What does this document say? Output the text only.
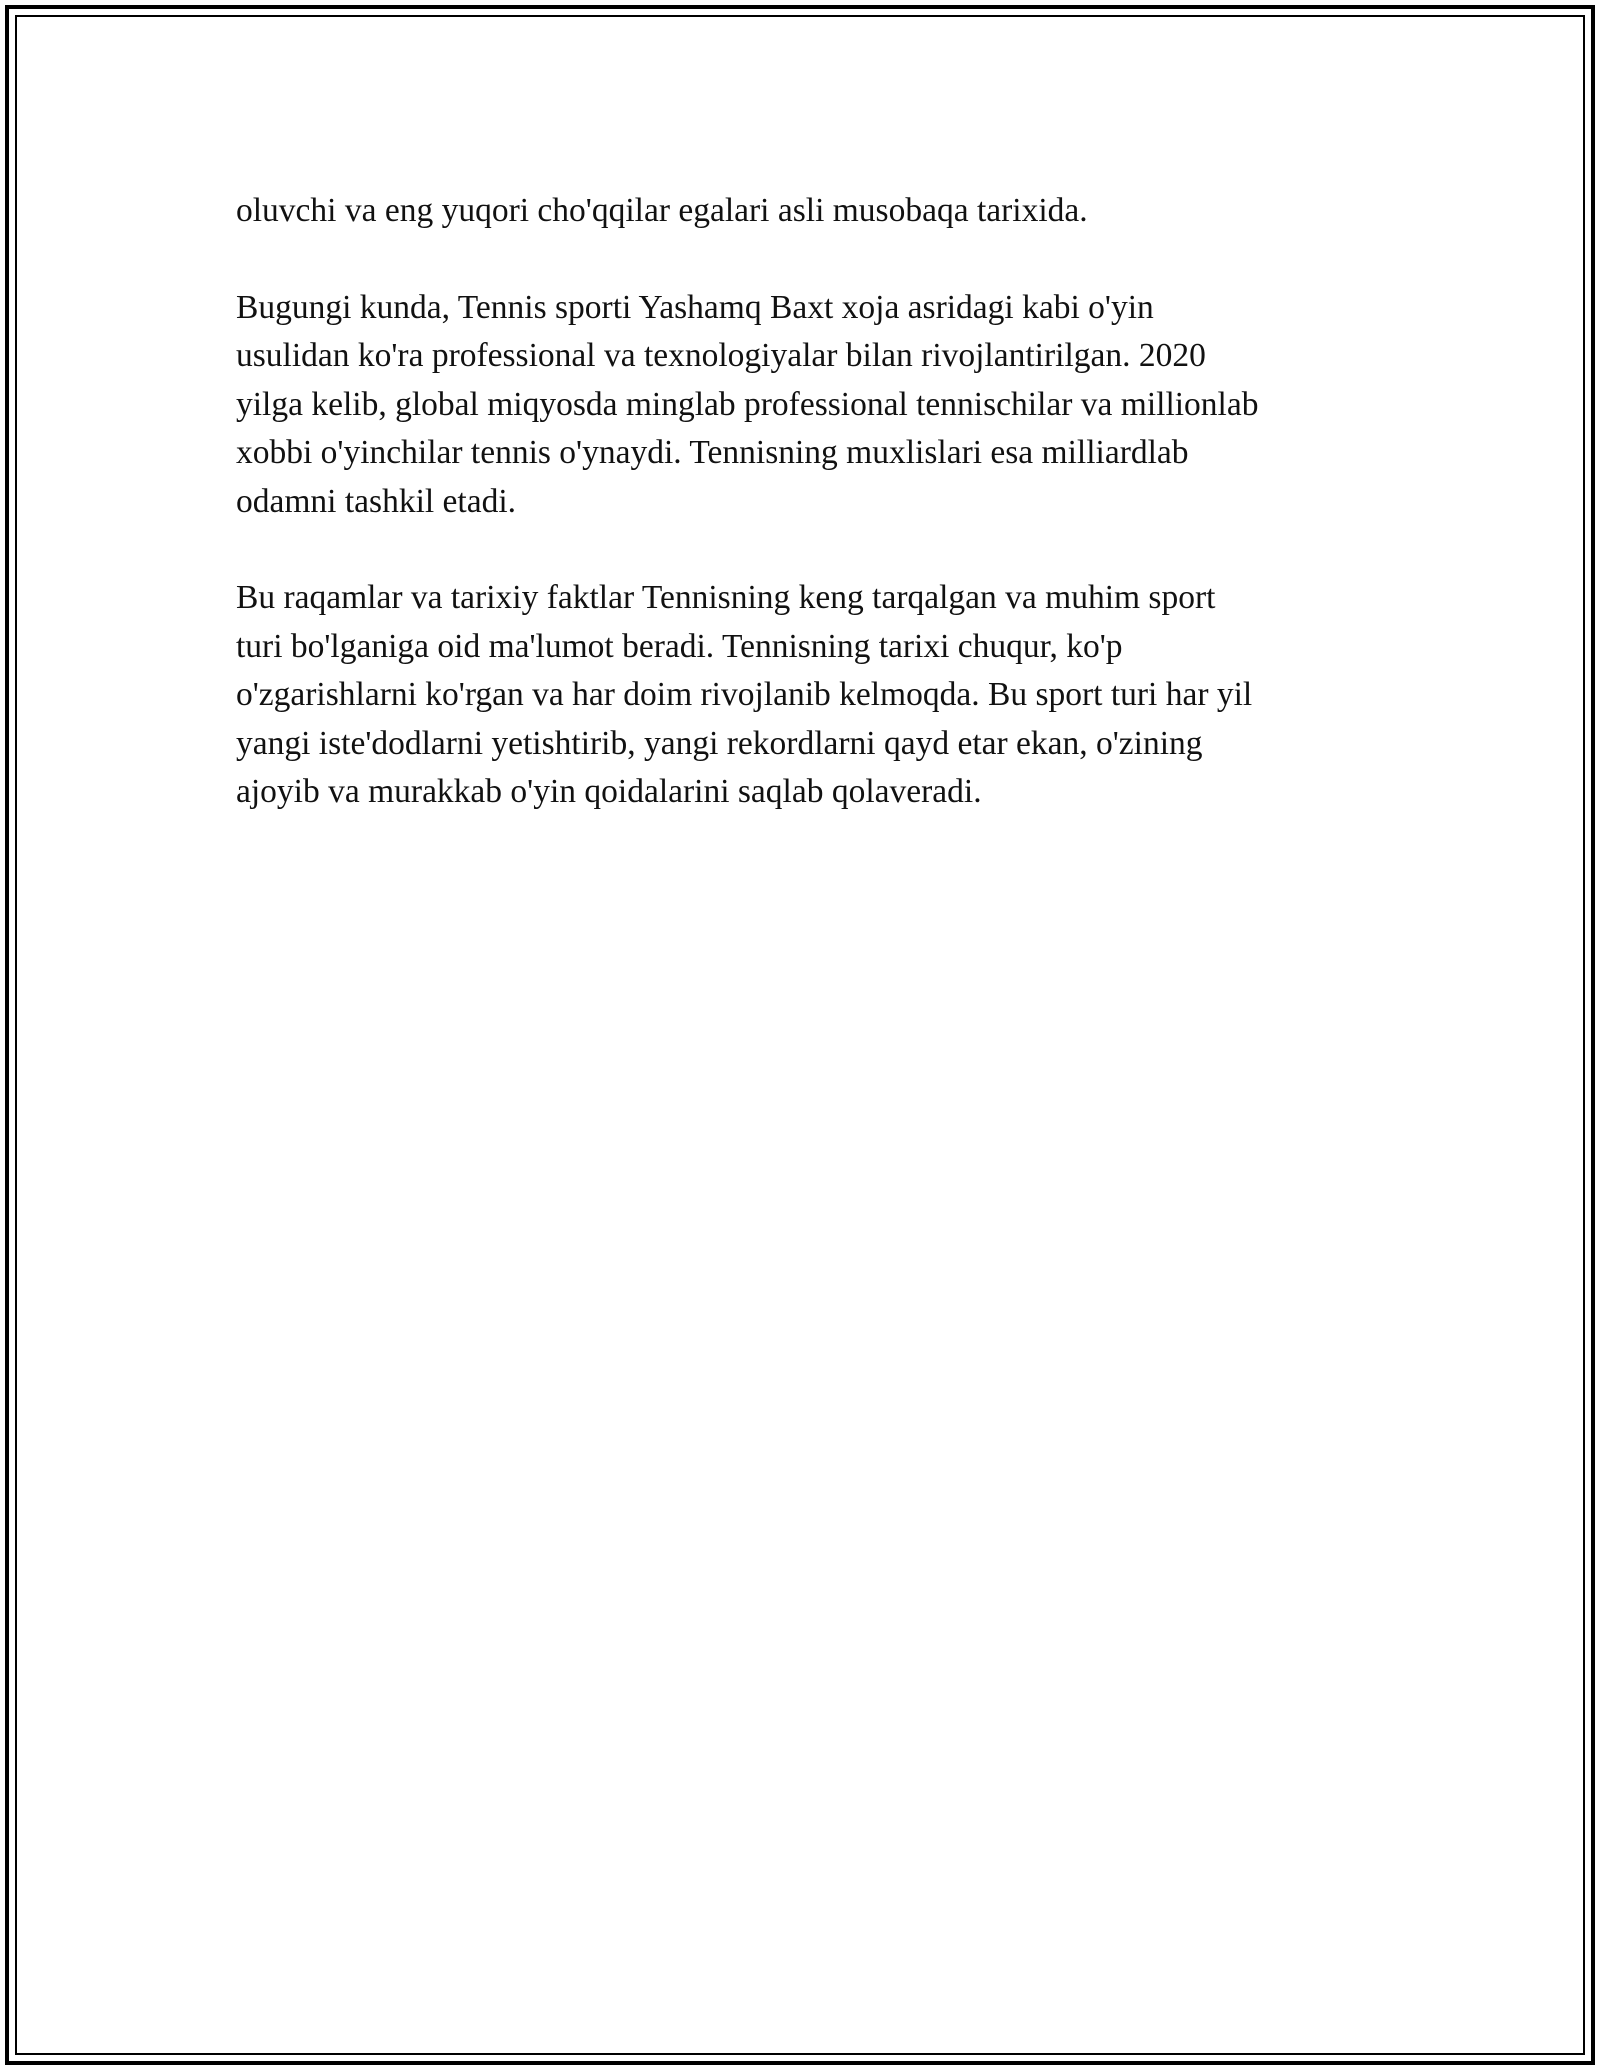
oluvchi va eng yuqori cho'qqilar egalari asli musobaqa tarixida.

Bugungi kunda, Tennis sporti Yashamq Baxt xoja asridagi kabi o'yin
usulidan ko'ra professional va texnologiyalar bilan rivojlantirilgan. 2020
yilga kelib, global miqyosda minglab professional tennischilar va millionlab
xobbi o'yinchilar tennis o'ynaydi. Tennisning muxlislari esa milliardlab
odamni tashkil etadi.

Bu raqamlar va tarixiy faktlar Tennisning keng tarqalgan va muhim sport
turi bo'lganiga oid ma'lumot beradi. Tennisning tarixi chuqur, ko'p
o'zgarishlarni ko'rgan va har doim rivojlanib kelmoqda. Bu sport turi har yil
yangi iste'dodlarni yetishtirib, yangi rekordlarni qayd etar ekan, o'zining
ajoyib va murakkab o'yin qoidalarini saqlab qolaveradi.
